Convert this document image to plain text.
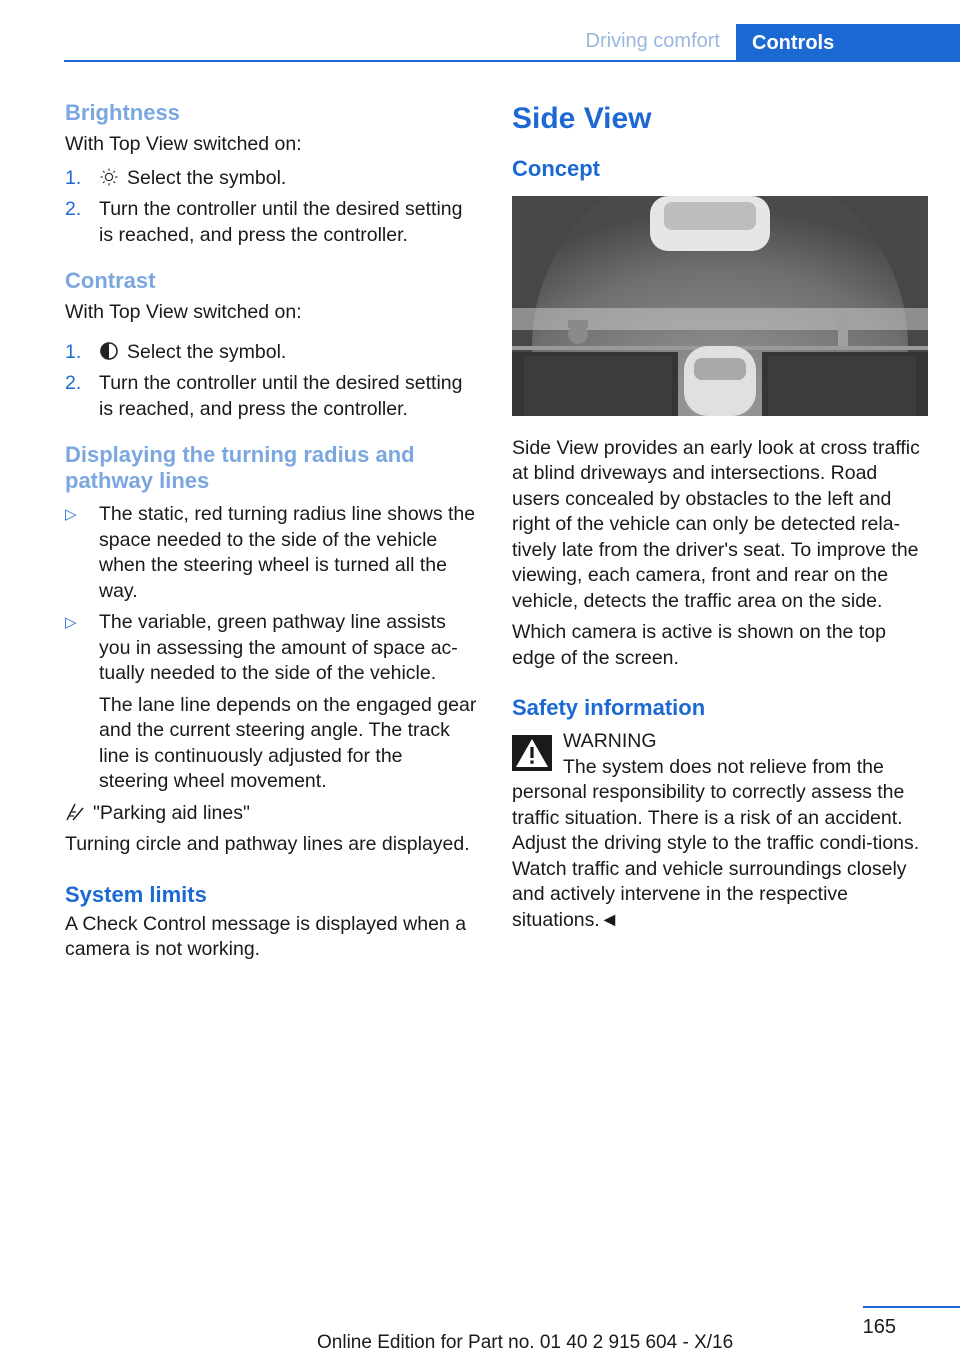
Driving comfort Controls
Brightness

With Top View switched on:

1.	Select the symbol.
2. Turn the controller until the desired setting is reached, and press the controller.
Contrast

With Top View switched on:

1.	Select the symbol.
2. Turn the controller until the desired setting is reached, and press the controller.
Displaying the turning radius and pathway lines
▷	The static, red turning radius line shows the space needed to the side of the vehicle when the steering wheel is turned all the way.
▷	The variable, green pathway line assists you in assessing the amount of space ac-tually needed to the side of the vehicle.

The lane line depends on the engaged gear and the current steering angle. The track line is continuously adjusted for the steering wheel movement.

"Parking aid lines"

Turning circle and pathway lines are displayed.

System limits

A Check Control message is displayed when a camera is not working.

Side View
Concept

Side View provides an early look at cross traffic at blind driveways and intersections. Road users concealed by obstacles to the left and right of the vehicle can only be detected rela-tively late from the driver's seat. To improve the viewing, each camera, front and rear on the vehicle, detects the traffic area on the side.

Which camera is active is shown on the top edge of the screen.

Safety information

WARNING

The system does not relieve from the personal responsibility to correctly assess the traffic situation. There is a risk of an accident. Adjust the driving style to the traffic condi-tions. Watch traffic and vehicle surroundings closely and actively intervene in the respective situations.◄

165
Online Edition for Part no. 01 40 2 915 604 - X/16
